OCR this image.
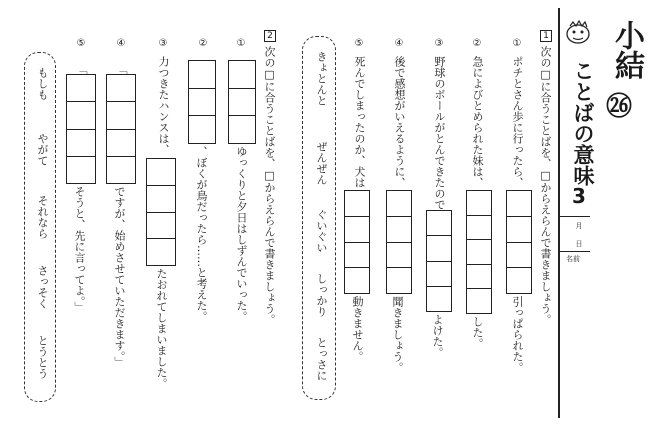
小結
㉖
ことばの意味
3
月
日
名前
1
次の□に合うことばを、□からえらんで書きましょう。
①
ポチとさん歩に行ったら、
引っぱられた。
②
急によびとめられた妹は、
した。
③
野球のボールがとんできたので
よけた。
④
後で感想がいえるように、
聞きましょう。
⑤
死んでしまったのか、犬は
動きません。
きょとんと
ぜんぜん
ぐいぐい
しっかり
とっさに
2
次の□に合うことばを、□からえらんで書きましょう。
①
ゆっくりと夕日はしずんでいった。
②
、ぼくが鳥だったら……と考えた。
③
力つきたハンスは、
たおれてしまいました。
④
「
ですが、始めさせていただきます。」
⑤
「
そうと、先に言ってよ。」
もしも
やがて
それなら
さっそく
とうとう
